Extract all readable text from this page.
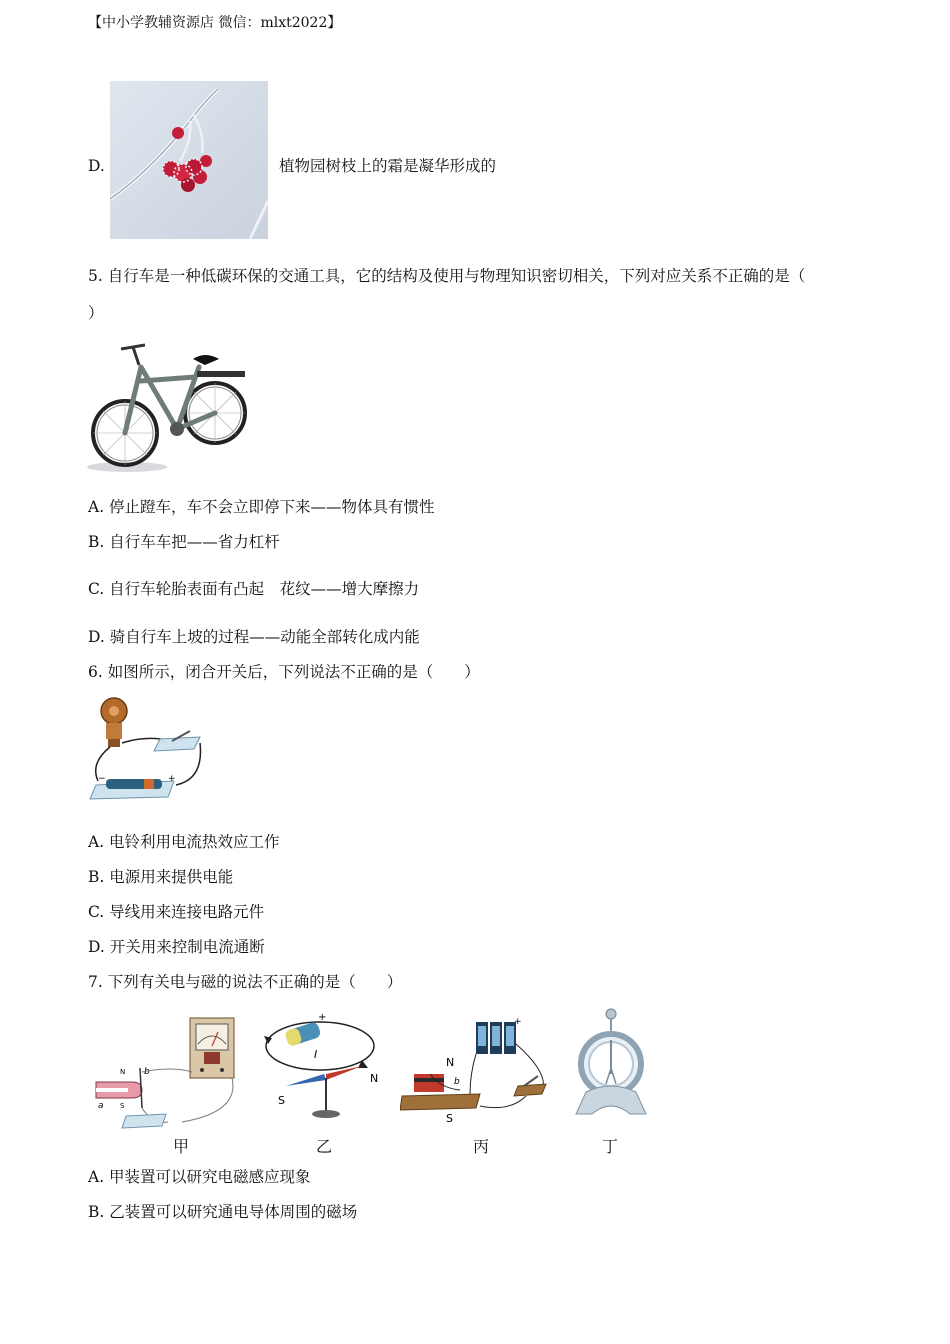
【中小学教辅资源店 微信：mlxt2022】
D.	植物园树枝上的霜是凝华形成的
5. 自行车是一种低碳环保的交通工具，它的结构及使用与物理知识密切相关，下列对应关系不正确的是（
）
A. 停止蹬车，车不会立即停下来——物体具有惯性
B. 自行车车把——省力杠杆
C. 自行车轮胎表面有凸起　花纹——增大摩擦力
D. 骑自行车上坡的过程——动能全部转化成内能
6. 如图所示，闭合开关后，下列说法不正确的是（　　）
−	+
A. 电铃利用电流热效应工作
B. 电源用来提供电能
C. 导线用来连接电路元件
D. 开关用来控制电流通断
7. 下列有关电与磁的说法不正确的是（　　）
N
S
a
b
甲
+
I
S
N
乙
+
N
S
b
丙	丁
A. 甲装置可以研究电磁感应现象
B. 乙装置可以研究通电导体周围的磁场
